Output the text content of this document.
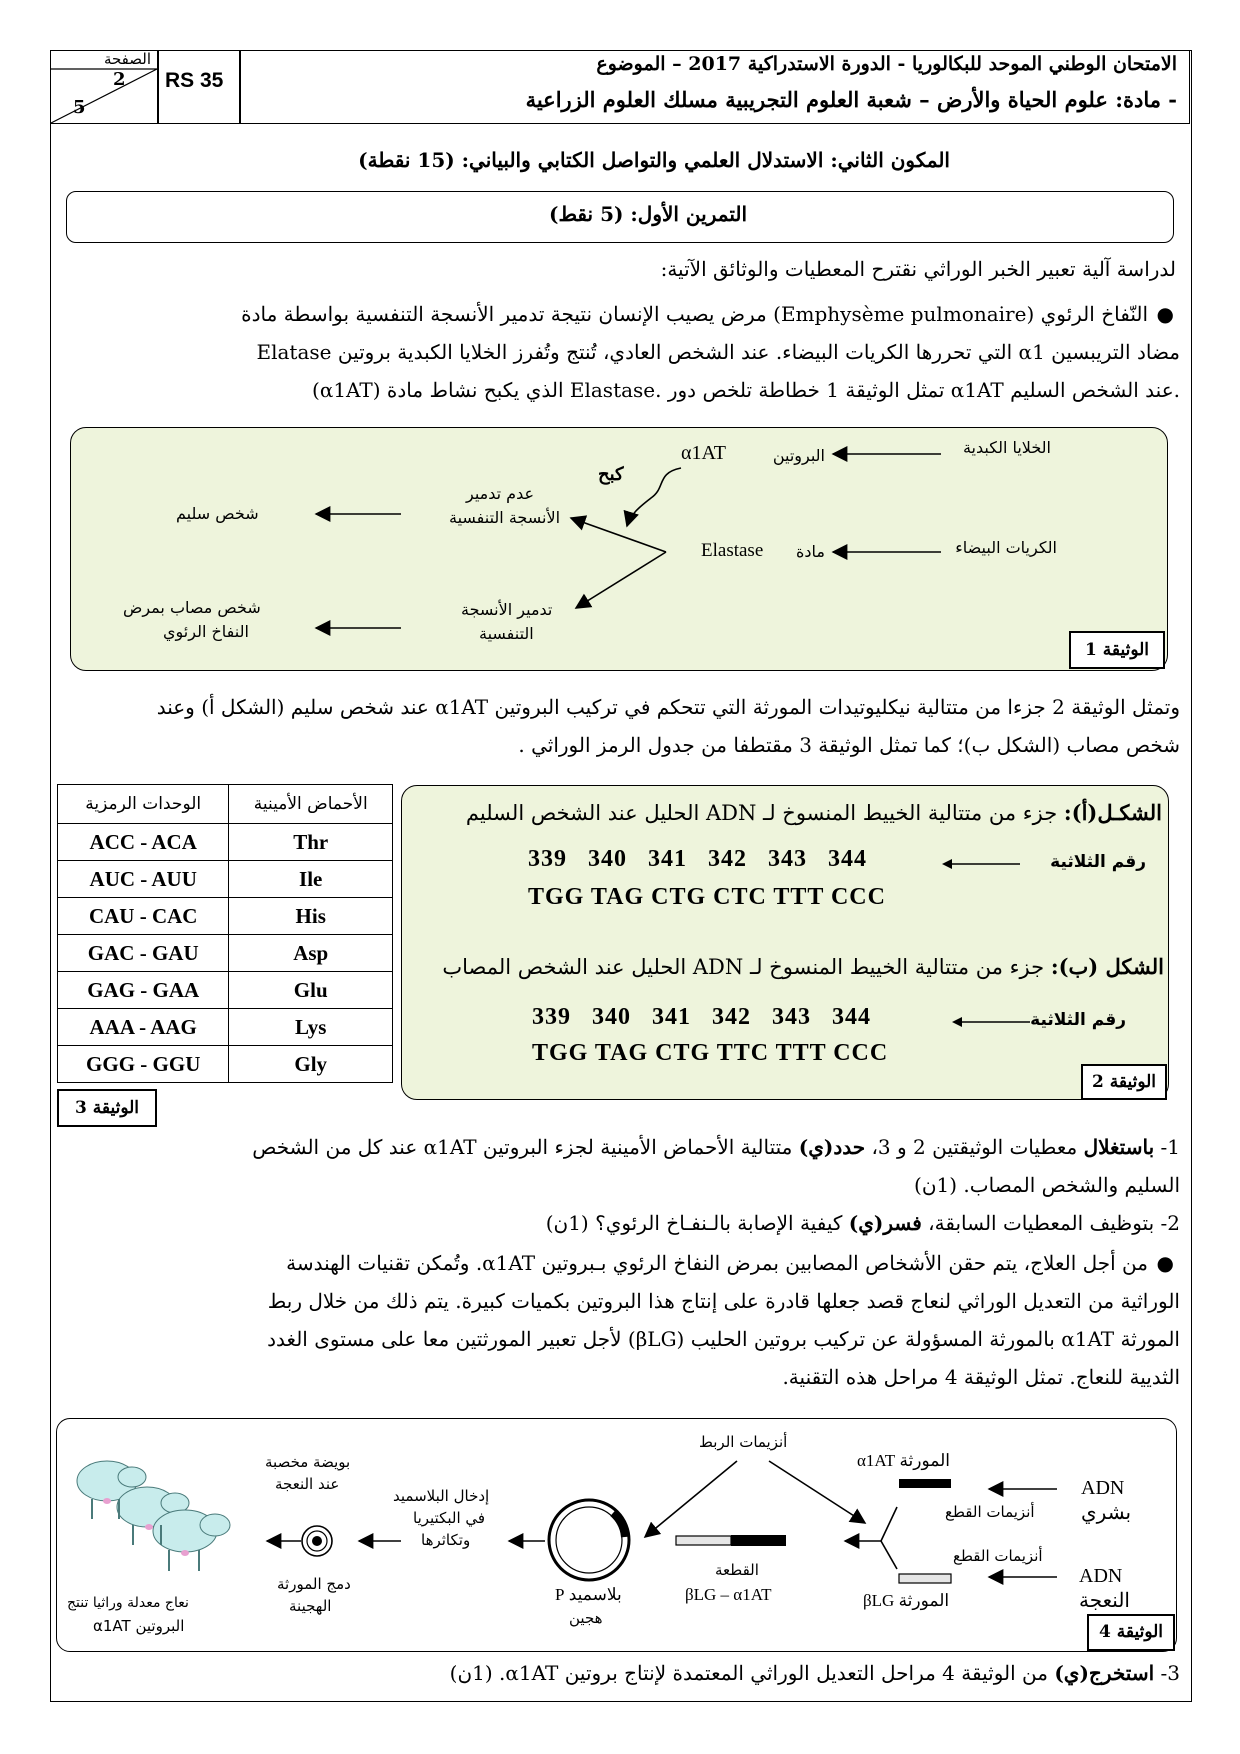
الصفحة
2
5
RS 35
الامتحان الوطني الموحد للبكالوريا - الدورة الاستدراكية 2017 – الموضوع
- مادة: علوم الحياة والأرض – شعبة العلوم التجريبية مسلك العلوم الزراعية
المكون الثاني: الاستدلال العلمي والتواصل الكتابي والبياني: (15 نقطة)
التمرين الأول: (5 نقط)
لدراسة آلية تعبير الخبر الوراثي نقترح المعطيات والوثائق الآتية:
●
النّفاخ الرئوي (Emphysème pulmonaire) مرض يصيب الإنسان نتيجة تدمير الأنسجة التنفسية بواسطة مادة
Elatase التي تحررها الكريات البيضاء. عند الشخص العادي، تُنتج وتُفرز الخلايا الكبدية بروتين α1 مضاد التريبسين
(α1AT) الذي يكبح نشاط مادة Elastase. تمثل الوثيقة 1 خطاطة تلخص دور α1AT عند الشخص السليم.
الخلايا الكبدية
البروتين
α1AT
كبح
عدم تدمير
الأنسجة التنفسية
شخص سليم
الكريات البيضاء
مادة
Elastase
تدمير الأنسجة
التنفسية
شخص مصاب بمرض
النفاخ الرئوي
الوثيقة 1
وتمثل الوثيقة 2 جزءا من متتالية نيكليوتيدات المورثة التي تتحكم في تركيب البروتين α1AT عند شخص سليم (الشكل أ) وعند
شخص مصاب (الشكل ب)؛ كما تمثل الوثيقة 3 مقتطفا من جدول الرمز الوراثي .
الوحدات الرمزية	الأحماض الأمينية
ACC - ACA	Thr
AUC - AUU	Ile
CAU - CAC	His
GAC - GAU	Asp
GAG - GAA	Glu
AAA - AAG	Lys
GGG - GGU	Gly
الوثيقة 3
الشكـل(أ): جزء من متتالية الخييط المنسوخ لـ ADN الحليل عند الشخص السليم
رقم الثلاثية
339   340   341   342   343   344
TGG TAG CTG CTC TTT CCC
الشكل (ب): جزء من متتالية الخييط المنسوخ لـ ADN الحليل عند الشخص المصاب
رقم الثلاثية
339   340   341   342   343   344
TGG TAG CTG TTC TTT CCC
الوثيقة 2
1- باستغلال معطيات الوثيقتين 2 و 3، حدد(ي) متتالية الأحماض الأمينية لجزء البروتين α1AT عند كل من الشخص
السليم والشخص المصاب. (1ن)
2- بتوظيف المعطيات السابقة، فسر(ي) كيفية الإصابة بالـنفـاخ الرئوي؟ (1ن)
●
من أجل العلاج، يتم حقن الأشخاص المصابين بمرض النفاخ الرئوي بـبروتين α1AT. وتُمكن تقنيات الهندسة
الوراثية من التعديل الوراثي لنعاج قصد جعلها قادرة على إنتاج هذا البروتين بكميات كبيرة. يتم ذلك من خلال ربط
المورثة α1AT بالمورثة المسؤولة عن تركيب بروتين الحليب (βLG) لأجل تعبير المورثتين معا على مستوى الغدد
الثديية للنعاج. تمثل الوثيقة 4 مراحل هذه التقنية.
ADN بشري
ADN النعجة
أنزيمات القطع
أنزيمات القطع
المورثة α1AT
المورثة βLG
أنزيمات الربط
القطعة
βLG – α1AT
بلاسميد P
هجين
إدخال البلاسميد
في البكتيريا
وتكاثرها
بويضة مخصبة
عند النعجة
دمج المورثة
الهجينة
نعاج معدلة وراثيا تنتج
البروتين α1AT	الوثيقة 4
3- استخرج(ي) من الوثيقة 4 مراحل التعديل الوراثي المعتمدة لإنتاج بروتين α1AT. (1ن)
